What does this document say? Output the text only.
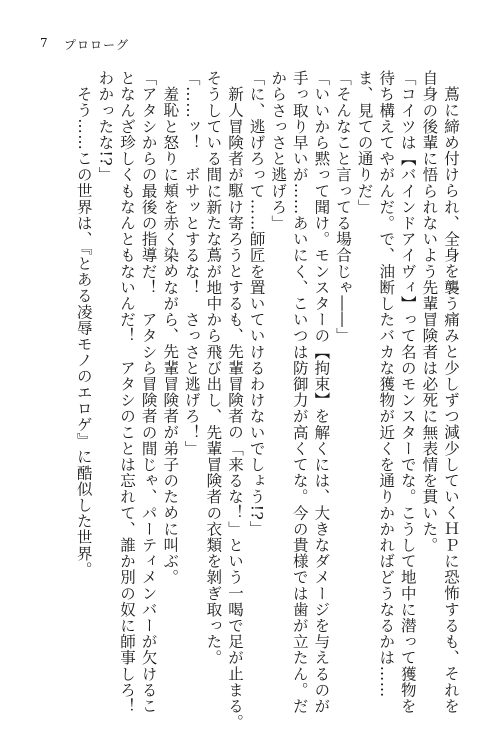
7 プロローグ
蔦に締め付けられ、全身を襲う痛みと少しずつ減少していくＨＰに恐怖するも、それを
自身の後輩に悟られないよう先輩冒険者は必死に無表情を貫いた。
「コイツは【バインドアイヴィ】って名のモンスターでな。こうして地中に潜って獲物を
待ち構えてやがんだ。で、油断したバカな獲物が近くを通りかかればどうなるかは……
ま、見ての通りだ」
「そんなこと言ってる場合じゃ――」
「いいから黙って聞け。モンスターの【拘束】を解くには、大きなダメージを与えるのが
手っ取り早いが……あいにく、こいつは防御力が高くてな。今の貴様では歯が立たん。だ
からさっさと逃げろ」
「に、逃げろって……師匠を置いていけるわけないでしょう!?」
新人冒険者が駆け寄ろうとするも、先輩冒険者の「来るな！」という一喝で足が止まる。
そうしている間に新たな蔦が地中から飛び出し、先輩冒険者の衣類を剝ぎ取った。
「……ッ！　ボサッとするな！　さっさと逃げろ！」
羞恥と怒りに頬を赤く染めながら、先輩冒険者が弟子のために叫ぶ。
「アタシからの最後の指導だ！　アタシら冒険者の間じゃ、パーティメンバーが欠けるこ
となんざ珍しくもなんともないんだ！　アタシのことは忘れて、誰か別の奴に師事しろ！
わかったな!?」
そう……この世界は、『とある凌辱モノのエロゲ』に酷似した世界。
